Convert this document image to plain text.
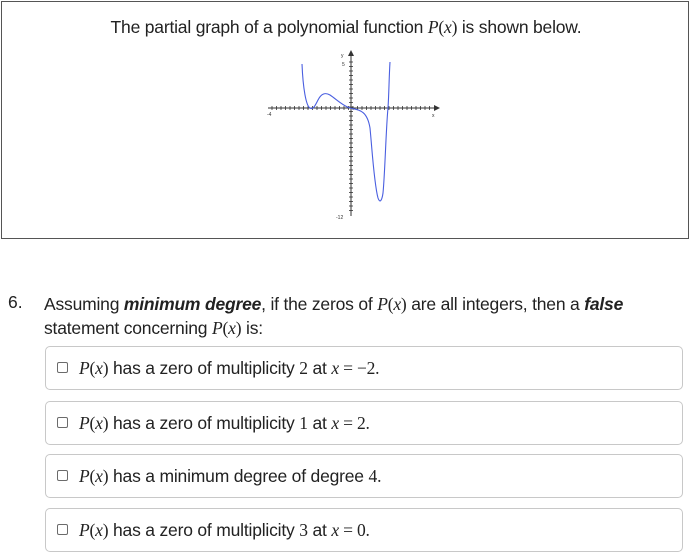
The partial graph of a polynomial function P(x) is shown below.
y
5
-4	x
-12
6. Assuming minimum degree, if the zeros of P(x) are all integers, then a false
statement concerning P(x) is:
P(x) has a zero of multiplicity 2 at x = −2.
P(x) has a zero of multiplicity 1 at x = 2.
P(x) has a minimum degree of degree 4.
P(x) has a zero of multiplicity 3 at x = 0.
